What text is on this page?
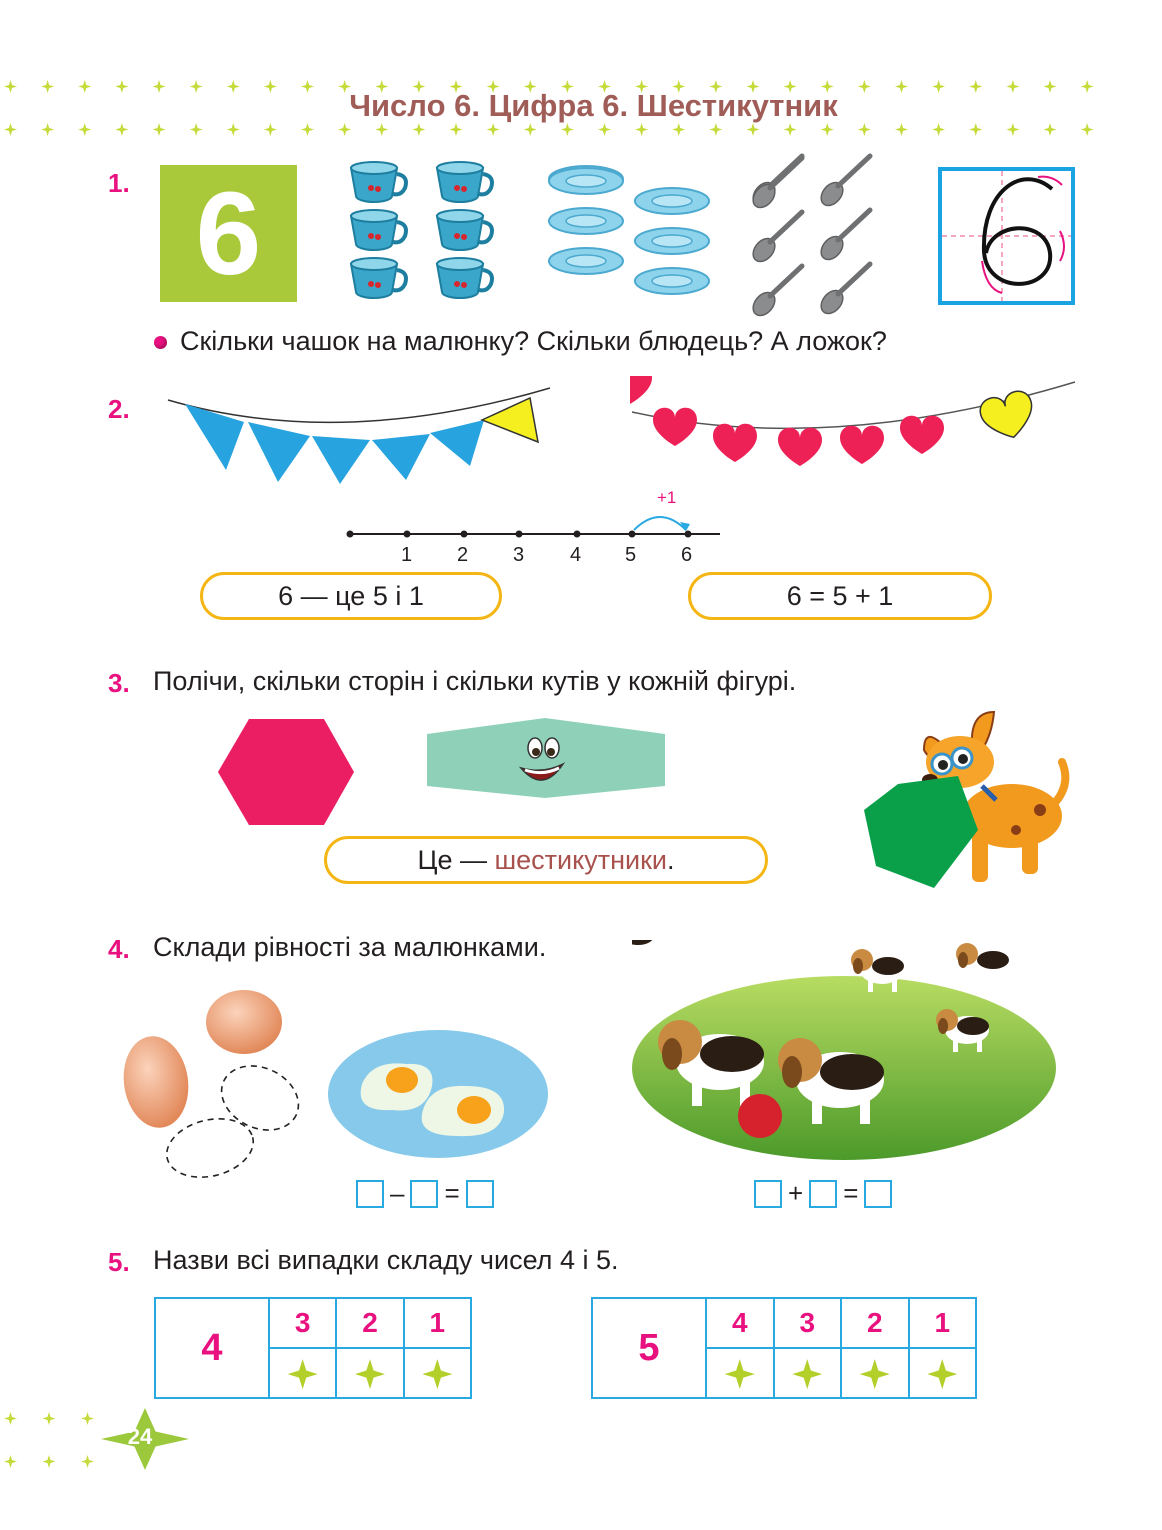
Число 6. Цифра 6. Шестикутник
1. 6
Скільки чашок на малюнку? Скільки блюдець? А ложок?
2.
+1
1 2 3 4 5 6
6 — це 5 і 1	6 = 5 + 1
3. Полічи, скільки сторін і скільки кутів у кожній фігурі.
Це — шестикутники .
4. Склади рівності за малюнками.
– =	+ =
5. Назви всі випадки складу чисел 4 і 5.
4	3	2	1

5	4	3	2	1

24
